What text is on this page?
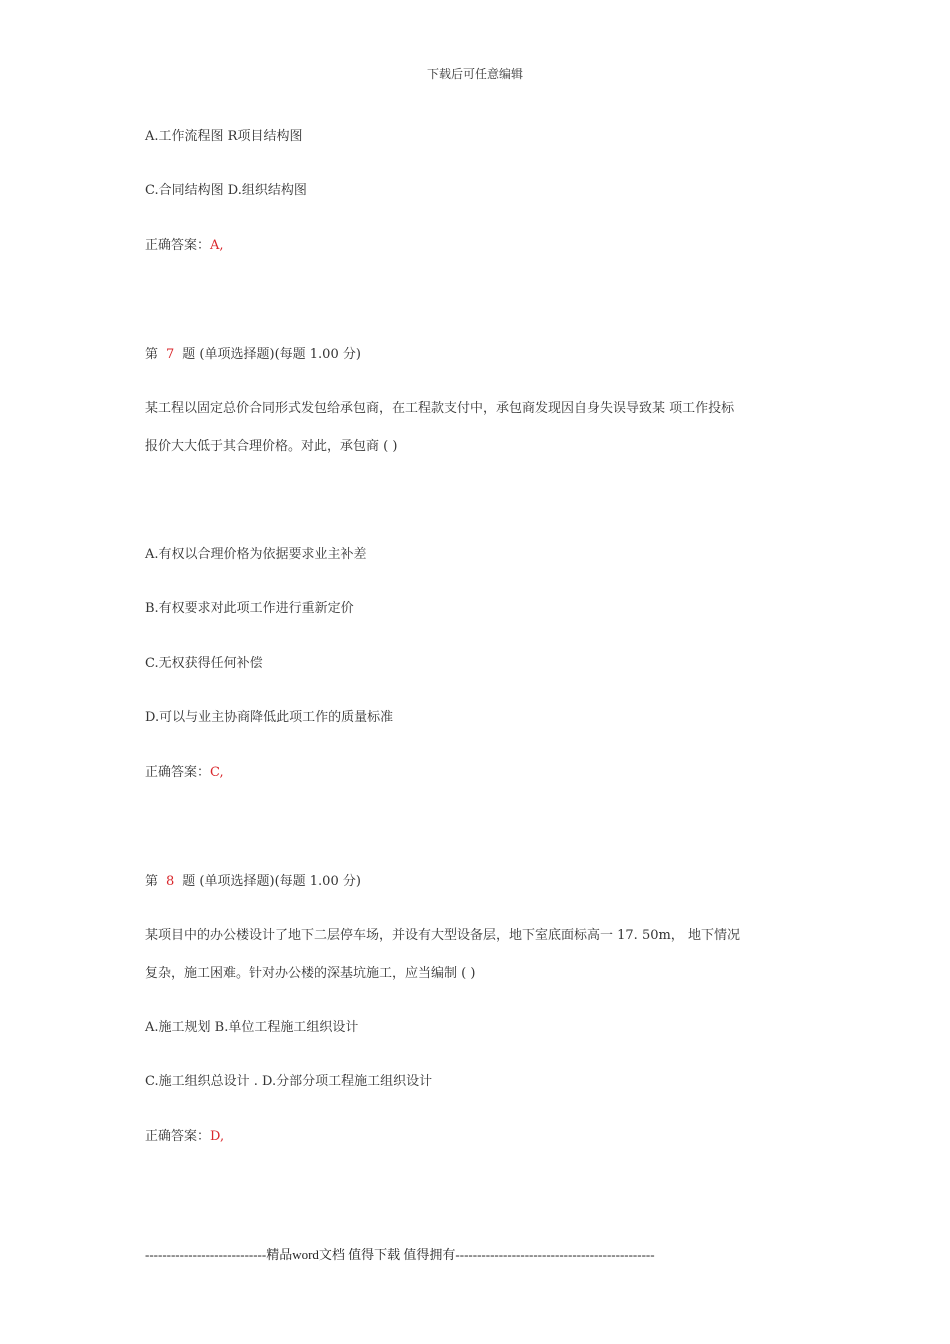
下载后可任意编辑
A.工作流程图 R项目结构图
C.合同结构图 D.组织结构图
正确答案：A,
第 7 题 (单项选择题)(每题 1.00 分)
某工程以固定总价合同形式发包给承包商，在工程款支付中，承包商发现因自身失误导致某 项工作投标
报价大大低于其合理价格。对此，承包商 ( )
A.有权以合理价格为依据要求业主补差
B.有权要求对此项工作进行重新定价
C.无权获得任何补偿
D.可以与业主协商降低此项工作的质量标准
正确答案：C,
第 8 题 (单项选择题)(每题 1.00 分)
某项目中的办公楼设计了地下二层停车场，并设有大型设备层，地下室底面标高一 17. 50m， 地下情况
复杂，施工困难。针对办公楼的深基坑施工，应当编制 ( )
A.施工规划 B.单位工程施工组织设计
C.施工组织总设计 . D.分部分项工程施工组织设计
正确答案：D,
----------------------------精品word文档 值得下载 值得拥有----------------------------------------------
